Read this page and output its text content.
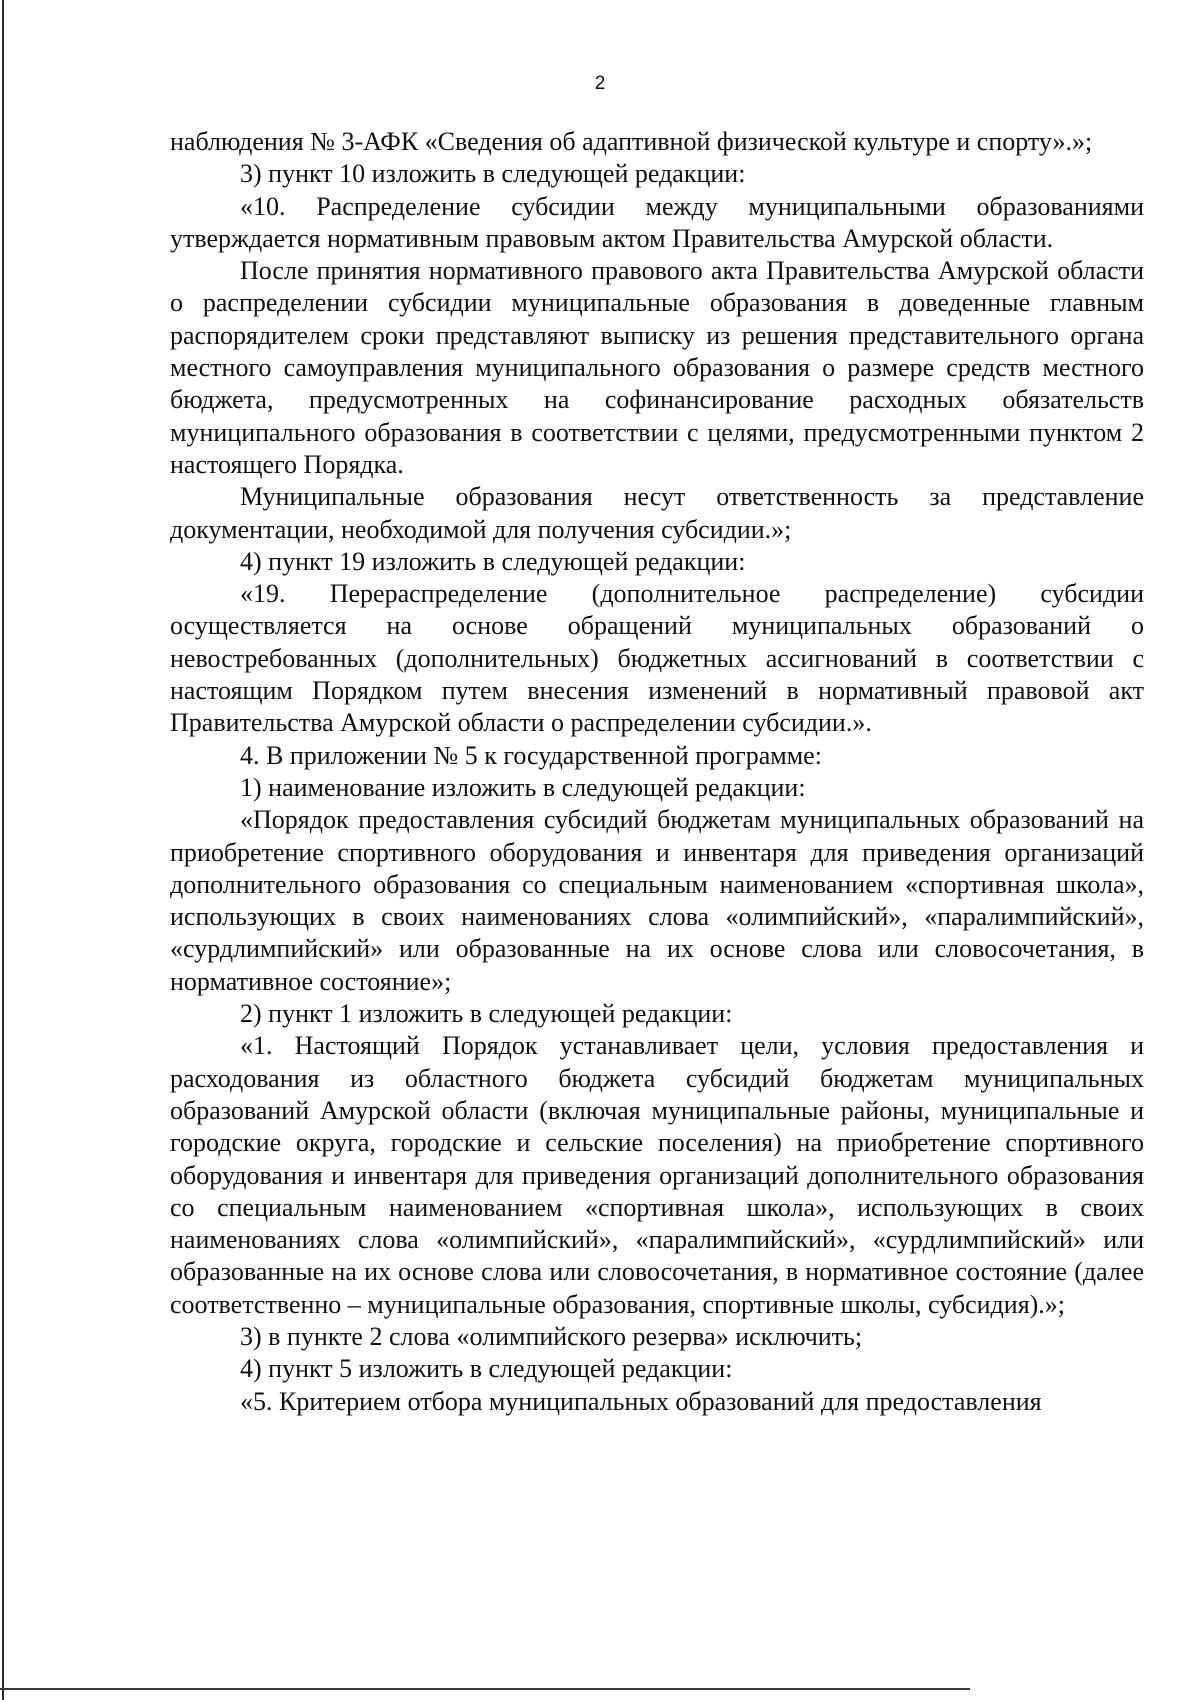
2

наблюдения № 3-АФК «Сведения об адаптивной физической культуре и спорту».»;

3) пункт 10 изложить в следующей редакции:

«10. Распределение субсидии между муниципальными образованиями утверждается нормативным правовым актом Правительства Амурской области.

После принятия нормативного правового акта Правительства Амурской области о распределении субсидии муниципальные образования в доведенные главным распорядителем сроки представляют выписку из решения представительного органа местного самоуправления муниципального образования о размере средств местного бюджета, предусмотренных на софинансирование расходных обязательств муниципального образования в соответствии с целями, предусмотренными пунктом 2 настоящего Порядка.

Муниципальные образования несут ответственность за представление документации, необходимой для получения субсидии.»;

4) пункт 19 изложить в следующей редакции:

«19. Перераспределение (дополнительное распределение) субсидии осуществляется на основе обращений муниципальных образований о невостребованных (дополнительных) бюджетных ассигнований в соответствии с настоящим Порядком путем внесения изменений в нормативный правовой акт Правительства Амурской области о распределении субсидии.».

4. В приложении № 5 к государственной программе:

1) наименование изложить в следующей редакции:

«Порядок предоставления субсидий бюджетам муниципальных образований на приобретение спортивного оборудования и инвентаря для приведения организаций дополнительного образования со специальным наименованием «спортивная школа», использующих в своих наименованиях слова «олимпийский», «паралимпийский», «сурдлимпийский» или образованные на их основе слова или словосочетания, в нормативное состояние»;

2) пункт 1 изложить в следующей редакции:

«1. Настоящий Порядок устанавливает цели, условия предоставления и расходования из областного бюджета субсидий бюджетам муниципальных образований Амурской области (включая муниципальные районы, муниципальные и городские округа, городские и сельские поселения) на приобретение спортивного оборудования и инвентаря для приведения организаций дополнительного образования со специальным наименованием «спортивная школа», использующих в своих наименованиях слова «олимпийский», «паралимпийский», «сурдлимпийский» или образованные на их основе слова или словосочетания, в нормативное состояние (далее соответственно – муниципальные образования, спортивные школы, субсидия).»;

3) в пункте 2 слова «олимпийского резерва» исключить;

4) пункт 5 изложить в следующей редакции:

«5. Критерием отбора муниципальных образований для предоставления
